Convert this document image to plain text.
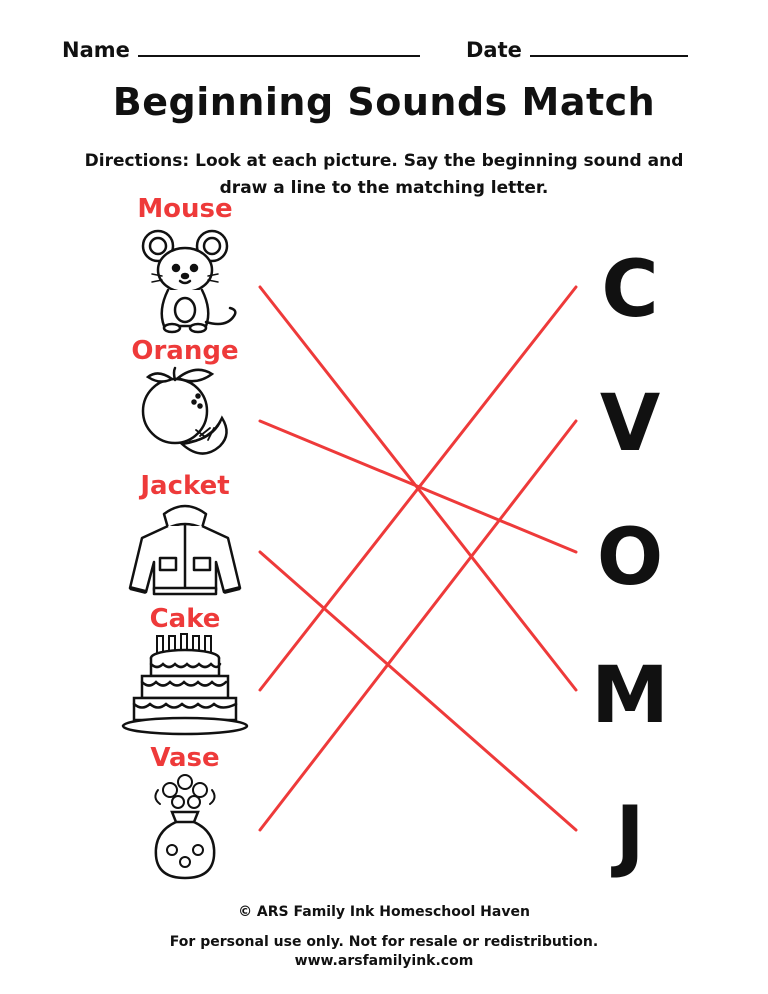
Name	Date
Beginning Sounds Match
Directions: Look at each picture. Say the beginning sound and draw a line to the matching letter.
Mouse
Orange
Jacket
Cake
Vase
C
V
O
M
J
© ARS Family Ink Homeschool Haven
For personal use only. Not for resale or redistribution.
www.arsfamilyink.com
